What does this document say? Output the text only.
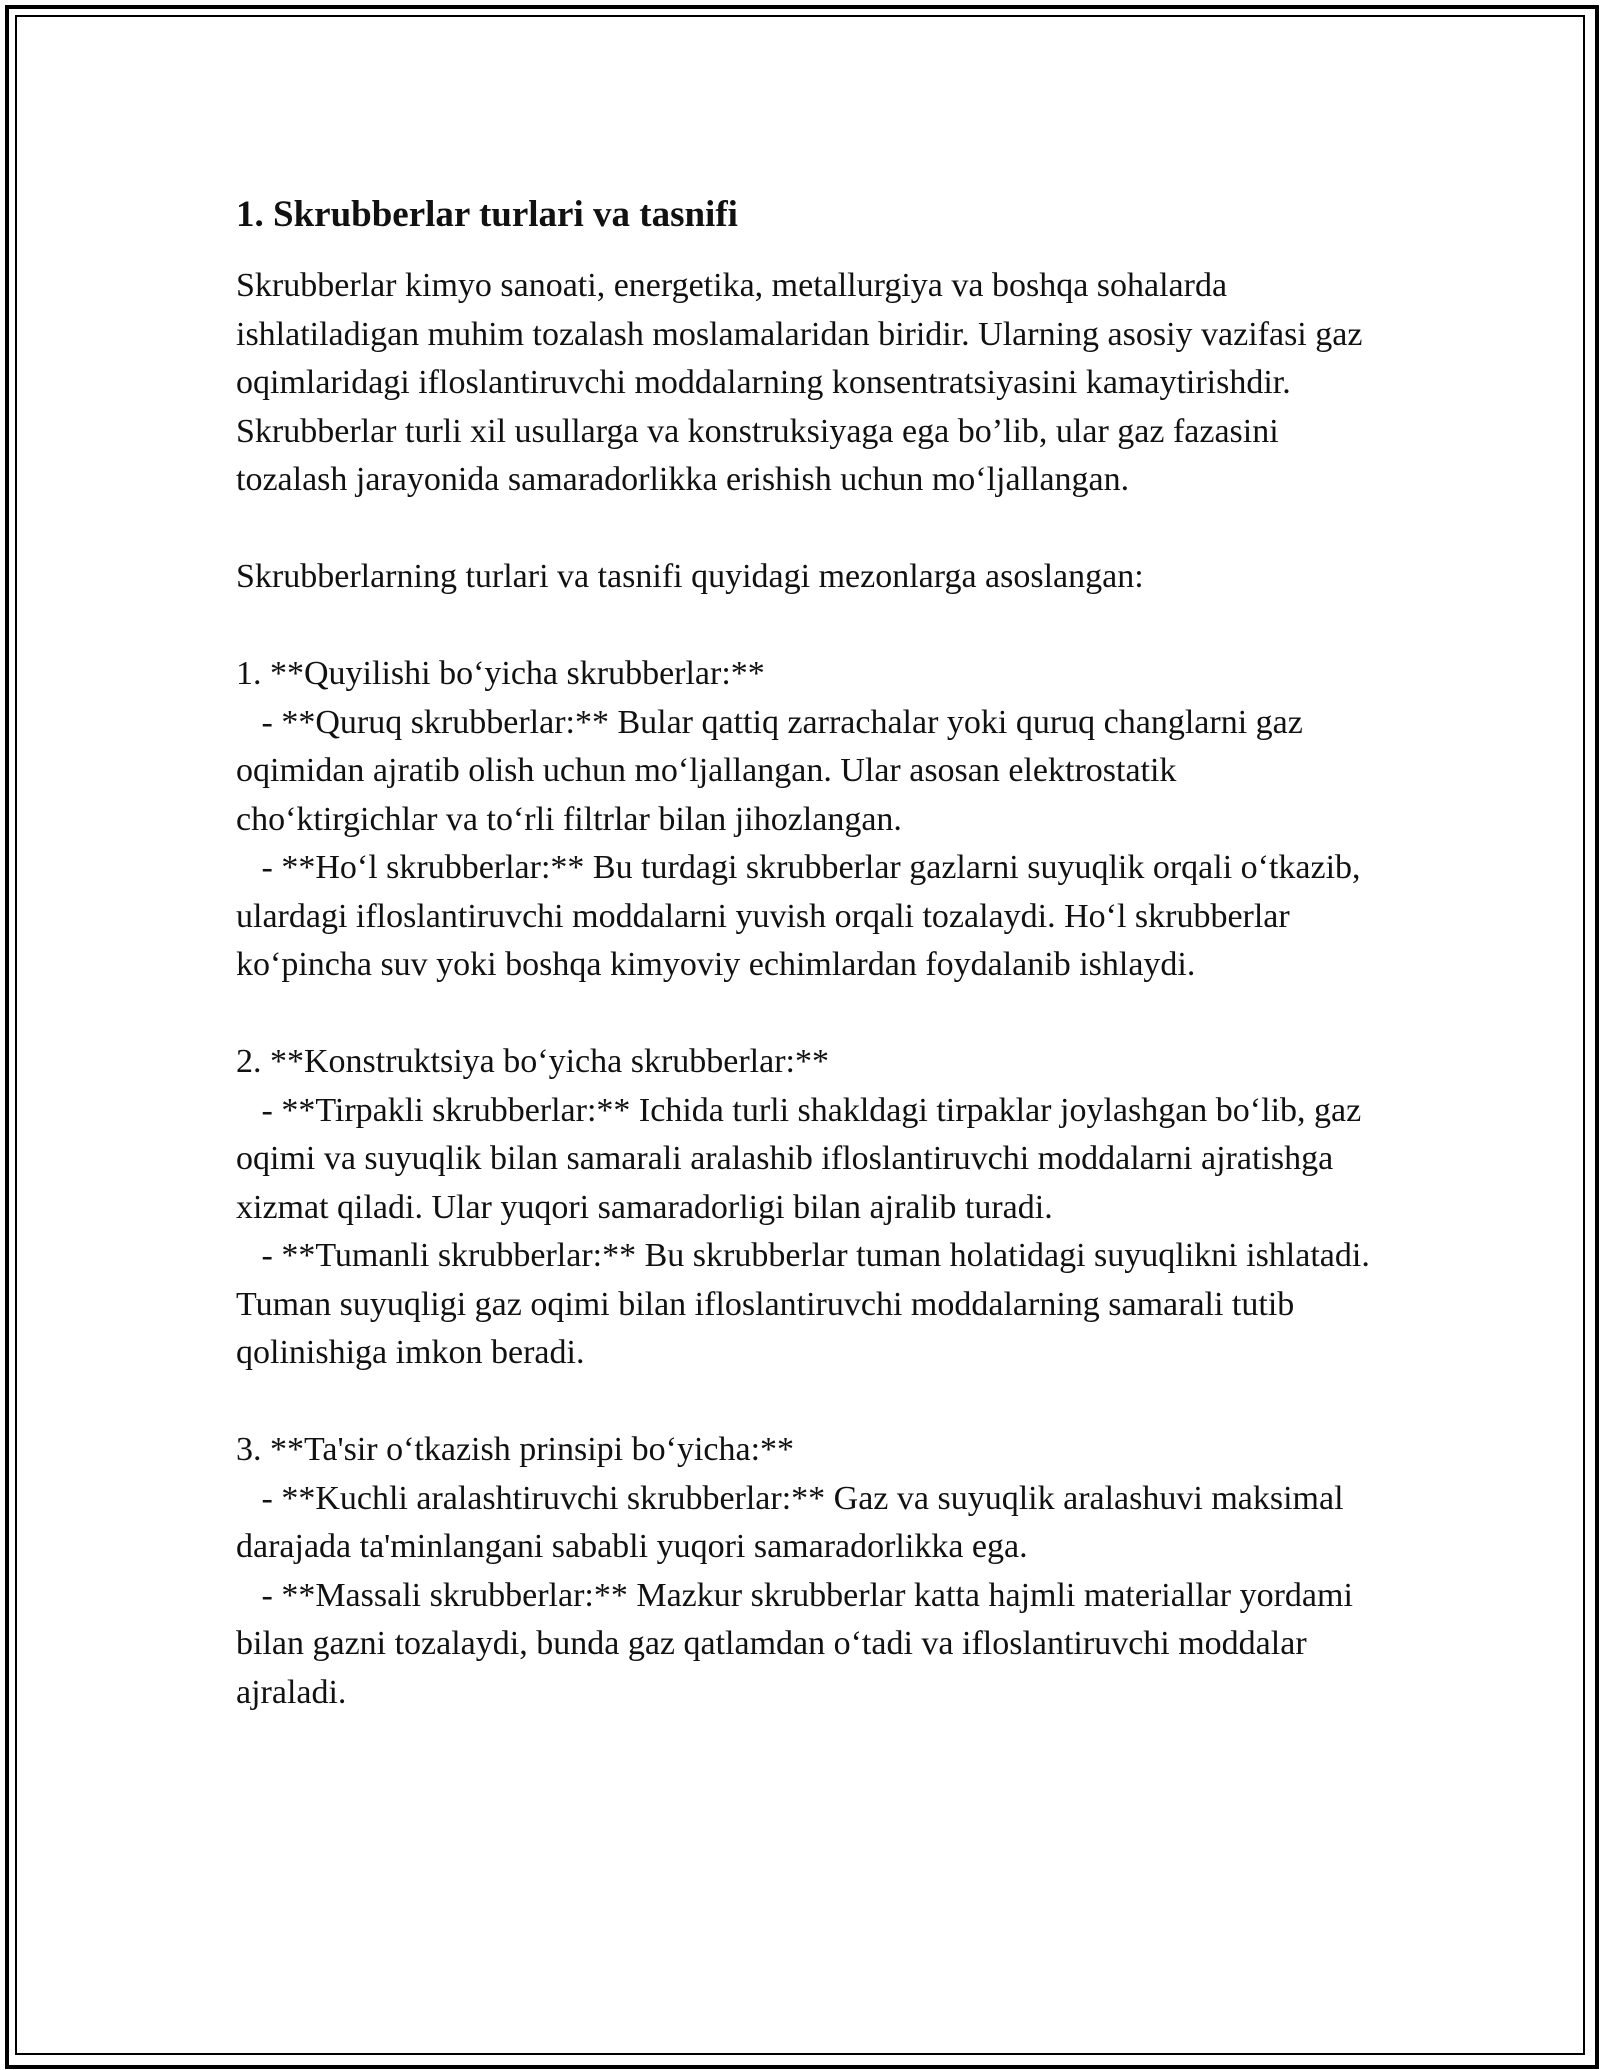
1. Skrubberlar turlari va tasnifi

Skrubberlar kimyo sanoati, energetika, metallurgiya va boshqa sohalarda ishlatiladigan muhim tozalash moslamalaridan biridir. Ularning asosiy vazifasi gaz oqimlaridagi ifloslantiruvchi moddalarning konsentratsiyasini kamaytirishdir. Skrubberlar turli xil usullarga va konstruksiyaga ega bo’lib, ular gaz fazasini tozalash jarayonida samaradorlikka erishish uchun mo‘ljallangan.

Skrubberlarning turlari va tasnifi quyidagi mezonlarga asoslangan:

1. **Quyilishi bo‘yicha skrubberlar:**
- **Quruq skrubberlar:** Bular qattiq zarrachalar yoki quruq changlarni gaz oqimidan ajratib olish uchun mo‘ljallangan. Ular asosan elektrostatik cho‘ktirgichlar va to‘rli filtrlar bilan jihozlangan.
- **Ho‘l skrubberlar:** Bu turdagi skrubberlar gazlarni suyuqlik orqali o‘tkazib, ulardagi ifloslantiruvchi moddalarni yuvish orqali tozalaydi. Ho‘l skrubberlar ko‘pincha suv yoki boshqa kimyoviy echimlardan foydalanib ishlaydi.

2. **Konstruktsiya bo‘yicha skrubberlar:**
- **Tirpakli skrubberlar:** Ichida turli shakldagi tirpaklar joylashgan bo‘lib, gaz oqimi va suyuqlik bilan samarali aralashib ifloslantiruvchi moddalarni ajratishga xizmat qiladi. Ular yuqori samaradorligi bilan ajralib turadi.
- **Tumanli skrubberlar:** Bu skrubberlar tuman holatidagi suyuqlikni ishlatadi. Tuman suyuqligi gaz oqimi bilan ifloslantiruvchi moddalarning samarali tutib qolinishiga imkon beradi.

3. **Ta'sir o‘tkazish prinsipi bo‘yicha:**
- **Kuchli aralashtiruvchi skrubberlar:** Gaz va suyuqlik aralashuvi maksimal darajada ta'minlangani sababli yuqori samaradorlikka ega.
- **Massali skrubberlar:** Mazkur skrubberlar katta hajmli materiallar yordami bilan gazni tozalaydi, bunda gaz qatlamdan o‘tadi va ifloslantiruvchi moddalar ajraladi.
